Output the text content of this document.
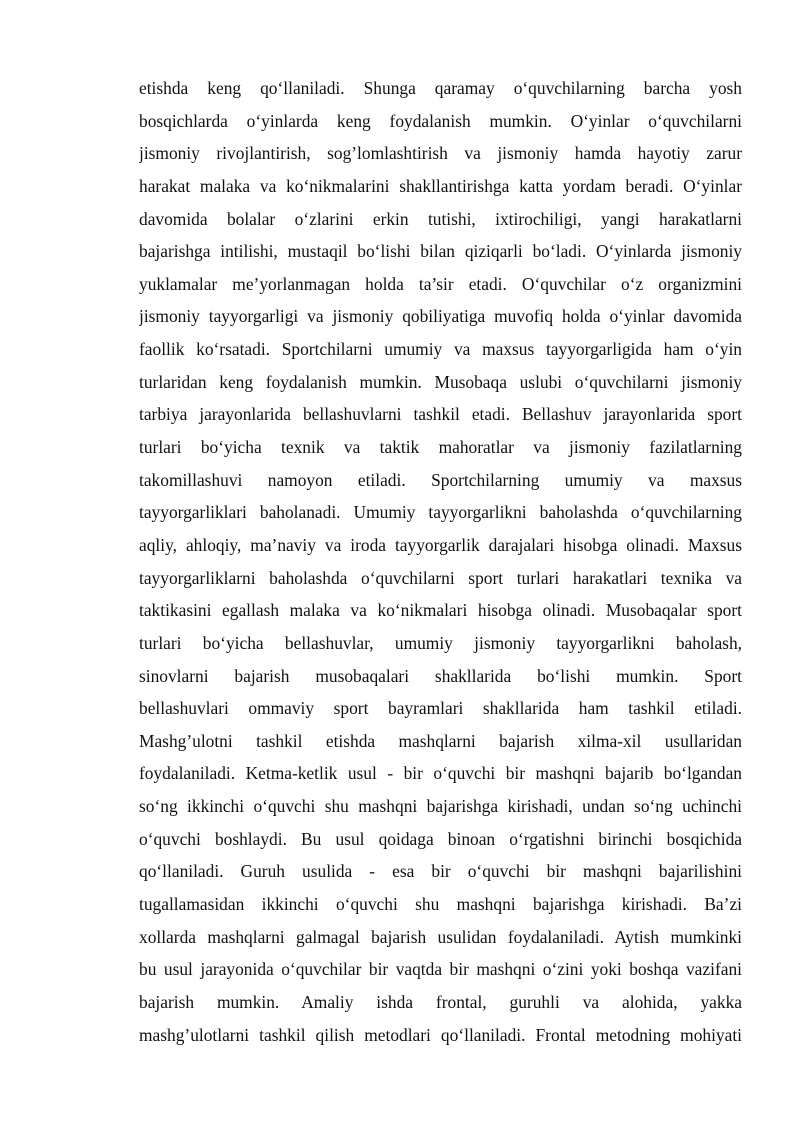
etishda keng qo‘llaniladi. Shunga qaramay o‘quvchilarning barcha yosh
bosqichlarda o‘yinlarda keng foydalanish mumkin. O‘yinlar o‘quvchilarni
jismoniy rivojlantirish, sog’lomlashtirish va jismoniy hamda hayotiy zarur
harakat malaka va ko‘nikmalarini shakllantirishga katta yordam beradi. O‘yinlar
davomida bolalar o‘zlarini erkin tutishi, ixtirochiligi, yangi harakatlarni
bajarishga intilishi, mustaqil bo‘lishi bilan qiziqarli bo‘ladi. O‘yinlarda jismoniy
yuklamalar me’yorlanmagan holda ta’sir etadi. O‘quvchilar o‘z organizmini
jismoniy tayyorgarligi va jismoniy qobiliyatiga muvofiq holda o‘yinlar davomida
faollik ko‘rsatadi. Sportchilarni umumiy va maxsus tayyorgarligida ham o‘yin
turlaridan keng foydalanish mumkin. Musobaqa uslubi o‘quvchilarni jismoniy
tarbiya jarayonlarida bellashuvlarni tashkil etadi. Bellashuv jarayonlarida sport
turlari bo‘yicha texnik va taktik mahoratlar va jismoniy fazilatlarning
takomillashuvi namoyon etiladi. Sportchilarning umumiy va maxsus
tayyorgarliklari baholanadi. Umumiy tayyorgarlikni baholashda o‘quvchilarning
aqliy, ahloqiy, ma’naviy va iroda tayyorgarlik darajalari hisobga olinadi. Maxsus
tayyorgarliklarni baholashda o‘quvchilarni sport turlari harakatlari texnika va
taktikasini egallash malaka va ko‘nikmalari hisobga olinadi. Musobaqalar sport
turlari bo‘yicha bellashuvlar, umumiy jismoniy tayyorgarlikni baholash,
sinovlarni bajarish musobaqalari shakllarida bo‘lishi mumkin. Sport
bellashuvlari ommaviy sport bayramlari shakllarida ham tashkil etiladi.
Mashg’ulotni tashkil etishda mashqlarni bajarish xilma-xil usullaridan
foydalaniladi. Ketma-ketlik usul - bir o‘quvchi bir mashqni bajarib bo‘lgandan
so‘ng ikkinchi o‘quvchi shu mashqni bajarishga kirishadi, undan so‘ng uchinchi
o‘quvchi boshlaydi. Bu usul qoidaga binoan o‘rgatishni birinchi bosqichida
qo‘llaniladi. Guruh usulida - esa bir o‘quvchi bir mashqni bajarilishini
tugallamasidan ikkinchi o‘quvchi shu mashqni bajarishga kirishadi. Ba’zi
xollarda mashqlarni galmagal bajarish usulidan foydalaniladi. Aytish mumkinki
bu usul jarayonida o‘quvchilar bir vaqtda bir mashqni o‘zini yoki boshqa vazifani
bajarish mumkin. Amaliy ishda frontal, guruhli va alohida, yakka
mashg’ulotlarni tashkil qilish metodlari qo‘llaniladi. Frontal metodning mohiyati
